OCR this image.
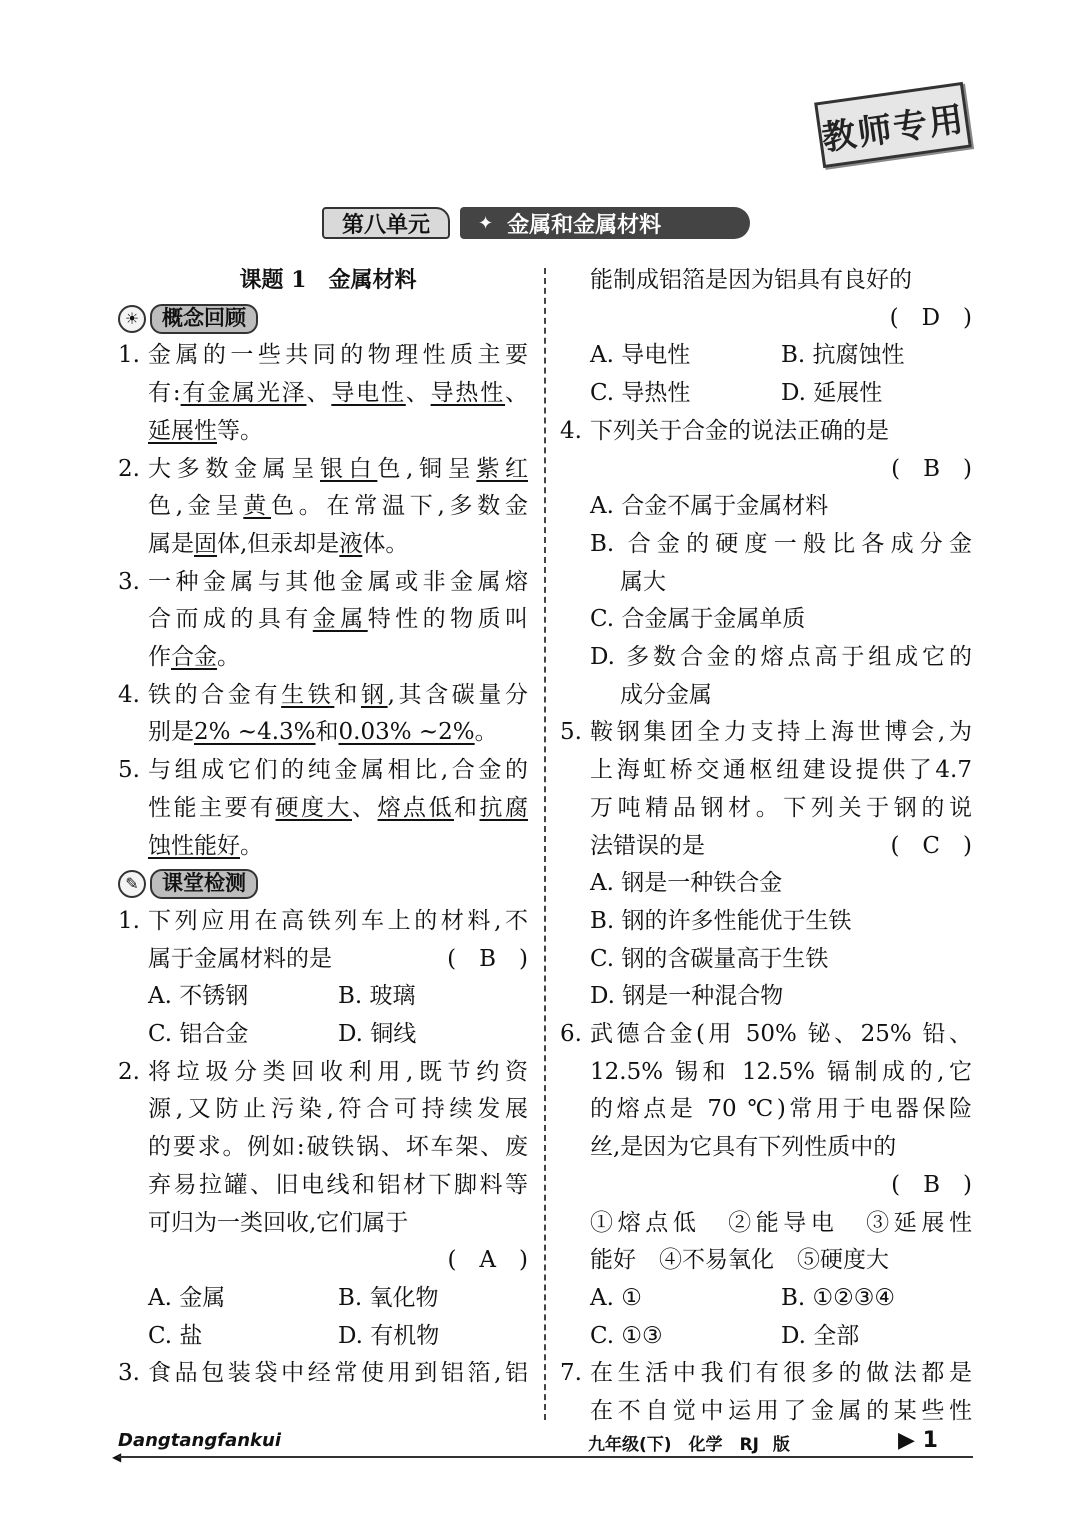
教师专用
第八单元	✦ 金属和金属材料
课题 1　金属材料
☀	概念回顾
1. 金属的一些共同的物理性质主要
有:有金属光泽、导电性、导热性、
延展性等。
2. 大多数金属呈银白色,铜呈紫红
色,金呈黄色。在常温下,多数金
属是固体,但汞却是液体。
3. 一种金属与其他金属或非金属熔
合而成的具有金属特性的物质叫
作合金。
4. 铁的合金有生铁和钢,其含碳量分
别是2% ~4.3%和0.03% ~2%。
5. 与组成它们的纯金属相比,合金的
性能主要有硬度大、熔点低和抗腐
蚀性能好。
✎	课堂检测
1. 下列应用在高铁列车上的材料,不
属于金属材料的是	(　B　)
A. 不锈钢	B. 玻璃
C. 铝合金	D. 铜线
2. 将垃圾分类回收利用,既节约资
源,又防止污染,符合可持续发展
的要求。例如:破铁锅、坏车架、废
弃易拉罐、旧电线和铝材下脚料等
可归为一类回收,它们属于
(　A　)
A. 金属	B. 氧化物
C. 盐	D. 有机物
3. 食品包装袋中经常使用到铝箔,铝
能制成铝箔是因为铝具有良好的
(　D　)
A. 导电性	B. 抗腐蚀性
C. 导热性	D. 延展性
4. 下列关于合金的说法正确的是
(　B　)
A. 合金不属于金属材料
B. 合金的硬度一般比各成分金
属大
C. 合金属于金属单质
D. 多数合金的熔点高于组成它的
成分金属
5. 鞍钢集团全力支持上海世博会,为
上海虹桥交通枢纽建设提供了4.7
万吨精品钢材。下列关于钢的说
法错误的是	(　C　)
A. 钢是一种铁合金
B. 钢的许多性能优于生铁
C. 钢的含碳量高于生铁
D. 钢是一种混合物
6. 武德合金(用 50% 铋、25% 铅、
12.5% 锡和 12.5% 镉制成的,它
的熔点是 70 ℃)常用于电器保险
丝,是因为它具有下列性质中的
(　B　)
①熔点低　②能导电　③延展性
能好　④不易氧化　⑤硬度大
A. ①	B. ①②③④
C. ①③	D. 全部
7. 在生活中我们有很多的做法都是
在不自觉中运用了金属的某些性
◀
Dangtangfankui	九年级(下)　化学　RJ 版	▶ 1
